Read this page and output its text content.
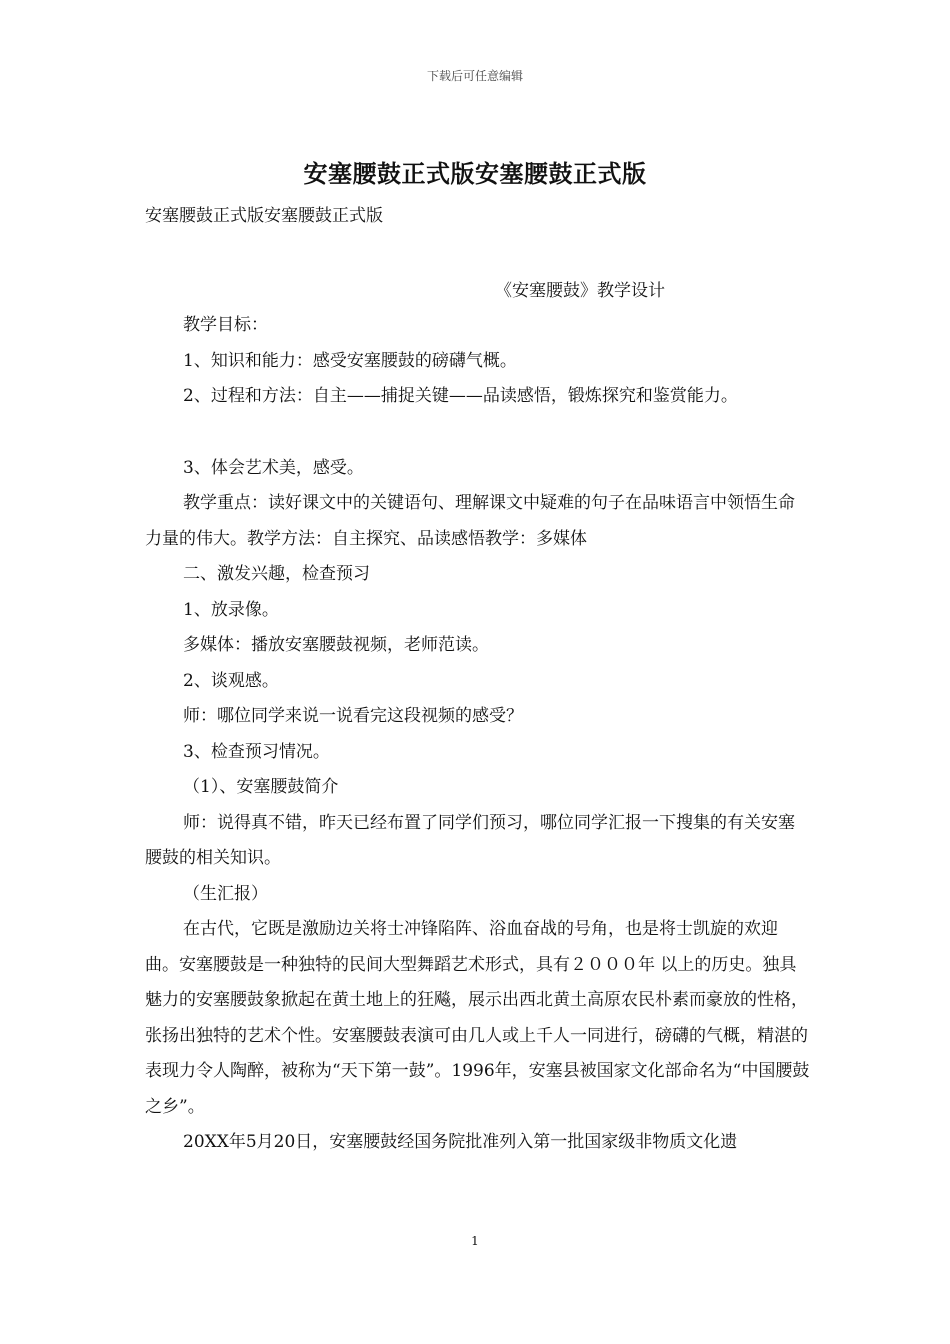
下载后可任意编辑
安塞腰鼓正式版安塞腰鼓正式版
安塞腰鼓正式版安塞腰鼓正式版
《安塞腰鼓》教学设计

教学目标：

1、知识和能力：感受安塞腰鼓的磅礴气概。

2、过程和方法：自主——捕捉关键——品读感悟，锻炼探究和鉴赏能力。

3、体会艺术美，感受。

教学重点：读好课文中的关键语句、理解课文中疑难的句子在品味语言中领悟生命力量的伟大。教学方法：自主探究、品读感悟教学：多媒体

二、激发兴趣，检查预习

1、放录像。

多媒体：播放安塞腰鼓视频，老师范读。

2、谈观感。

师：哪位同学来说一说看完这段视频的感受？

3、检查预习情况。

（1）、安塞腰鼓简介

师：说得真不错，昨天已经布置了同学们预习，哪位同学汇报一下搜集的有关安塞腰鼓的相关知识。

（生汇报）

在古代，它既是激励边关将士冲锋陷阵、浴血奋战的号角，也是将士凯旋的欢迎曲。安塞腰鼓是一种独特的民间大型舞蹈艺术形式，具有２０００年 以上的历史。独具魅力的安塞腰鼓象掀起在黄土地上的狂飚，展示出西北黄土高原农民朴素而豪放的性格，张扬出独特的艺术个性。安塞腰鼓表演可由几人或上千人一同进行，磅礴的气概，精湛的表现力令人陶醉，被称为“天下第一鼓”。1996年，安塞县被国家文化部命名为“中国腰鼓之乡”。

20XX年5月20日，安塞腰鼓经国务院批准列入第一批国家级非物质文化遗

1
